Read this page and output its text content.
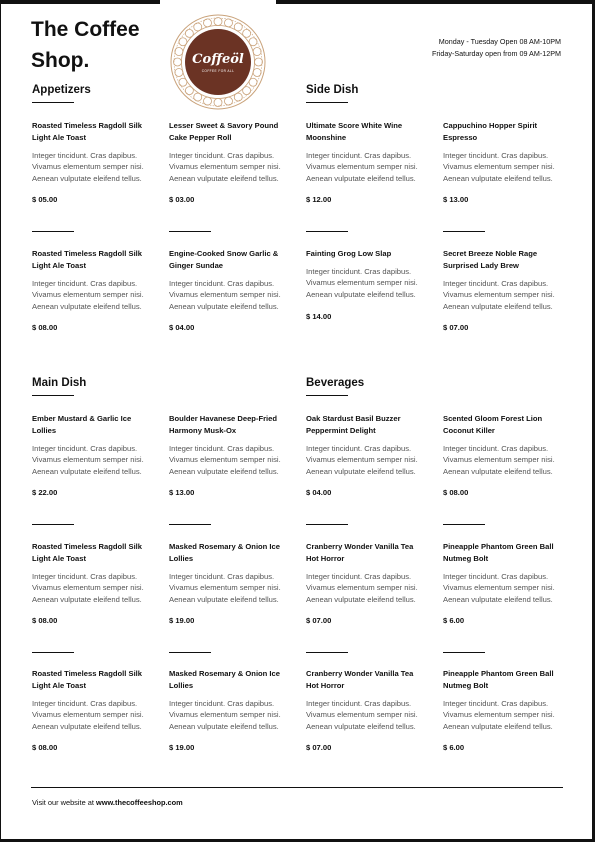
The Coffee
Shop.	Coffeöl
COFFEE FOR ALL
Monday - Tuesday Open 08 AM-10PM
Friday-Saturday open from 09 AM-12PM
Appetizers
Roasted Timeless Ragdoll Silk Light Ale Toast
Integer tincidunt. Cras dapibus. Vivamus elementum semper nisi. Aenean vulputate eleifend tellus.
$ 05.00
Lesser Sweet & Savory Pound Cake Pepper Roll
Integer tincidunt. Cras dapibus. Vivamus elementum semper nisi. Aenean vulputate eleifend tellus.
$ 03.00
Roasted Timeless Ragdoll Silk Light Ale Toast
Integer tincidunt. Cras dapibus. Vivamus elementum semper nisi. Aenean vulputate eleifend tellus.
$ 08.00
Engine-Cooked Snow Garlic & Ginger Sundae
Integer tincidunt. Cras dapibus. Vivamus elementum semper nisi. Aenean vulputate eleifend tellus.
$ 04.00
Side Dish
Ultimate Score White Wine Moonshine
Integer tincidunt. Cras dapibus. Vivamus elementum semper nisi. Aenean vulputate eleifend tellus.
$ 12.00
Cappuchino Hopper Spirit Espresso
Integer tincidunt. Cras dapibus. Vivamus elementum semper nisi. Aenean vulputate eleifend tellus.
$ 13.00
Fainting Grog Low Slap
Integer tincidunt. Cras dapibus. Vivamus elementum semper nisi. Aenean vulputate eleifend tellus.
$ 14.00
Secret Breeze Noble Rage Surprised Lady Brew
Integer tincidunt. Cras dapibus. Vivamus elementum semper nisi. Aenean vulputate eleifend tellus.
$ 07.00
Main Dish
Ember Mustard & Garlic Ice Lollies
Integer tincidunt. Cras dapibus. Vivamus elementum semper nisi. Aenean vulputate eleifend tellus.
$ 22.00
Boulder Havanese Deep-Fried Harmony Musk-Ox
Integer tincidunt. Cras dapibus. Vivamus elementum semper nisi. Aenean vulputate eleifend tellus.
$ 13.00
Roasted Timeless Ragdoll Silk Light Ale Toast
Integer tincidunt. Cras dapibus. Vivamus elementum semper nisi. Aenean vulputate eleifend tellus.
$ 08.00
Masked Rosemary & Onion Ice Lollies
Integer tincidunt. Cras dapibus. Vivamus elementum semper nisi. Aenean vulputate eleifend tellus.
$ 19.00
Roasted Timeless Ragdoll Silk Light Ale Toast
Integer tincidunt. Cras dapibus. Vivamus elementum semper nisi. Aenean vulputate eleifend tellus.
$ 08.00
Masked Rosemary & Onion Ice Lollies
Integer tincidunt. Cras dapibus. Vivamus elementum semper nisi. Aenean vulputate eleifend tellus.
$ 19.00
Beverages
Oak Stardust Basil Buzzer Peppermint Delight
Integer tincidunt. Cras dapibus. Vivamus elementum semper nisi. Aenean vulputate eleifend tellus.
$ 04.00
Scented Gloom Forest Lion Coconut Killer
Integer tincidunt. Cras dapibus. Vivamus elementum semper nisi. Aenean vulputate eleifend tellus.
$ 08.00
Cranberry Wonder Vanilla Tea Hot Horror
Integer tincidunt. Cras dapibus. Vivamus elementum semper nisi. Aenean vulputate eleifend tellus.
$ 07.00
Pineapple Phantom Green Ball Nutmeg Bolt
Integer tincidunt. Cras dapibus. Vivamus elementum semper nisi. Aenean vulputate eleifend tellus.
$ 6.00
Cranberry Wonder Vanilla Tea Hot Horror
Integer tincidunt. Cras dapibus. Vivamus elementum semper nisi. Aenean vulputate eleifend tellus.
$ 07.00
Pineapple Phantom Green Ball Nutmeg Bolt
Integer tincidunt. Cras dapibus. Vivamus elementum semper nisi. Aenean vulputate eleifend tellus.
$ 6.00
Visit our website at www.thecoffeeshop.com
